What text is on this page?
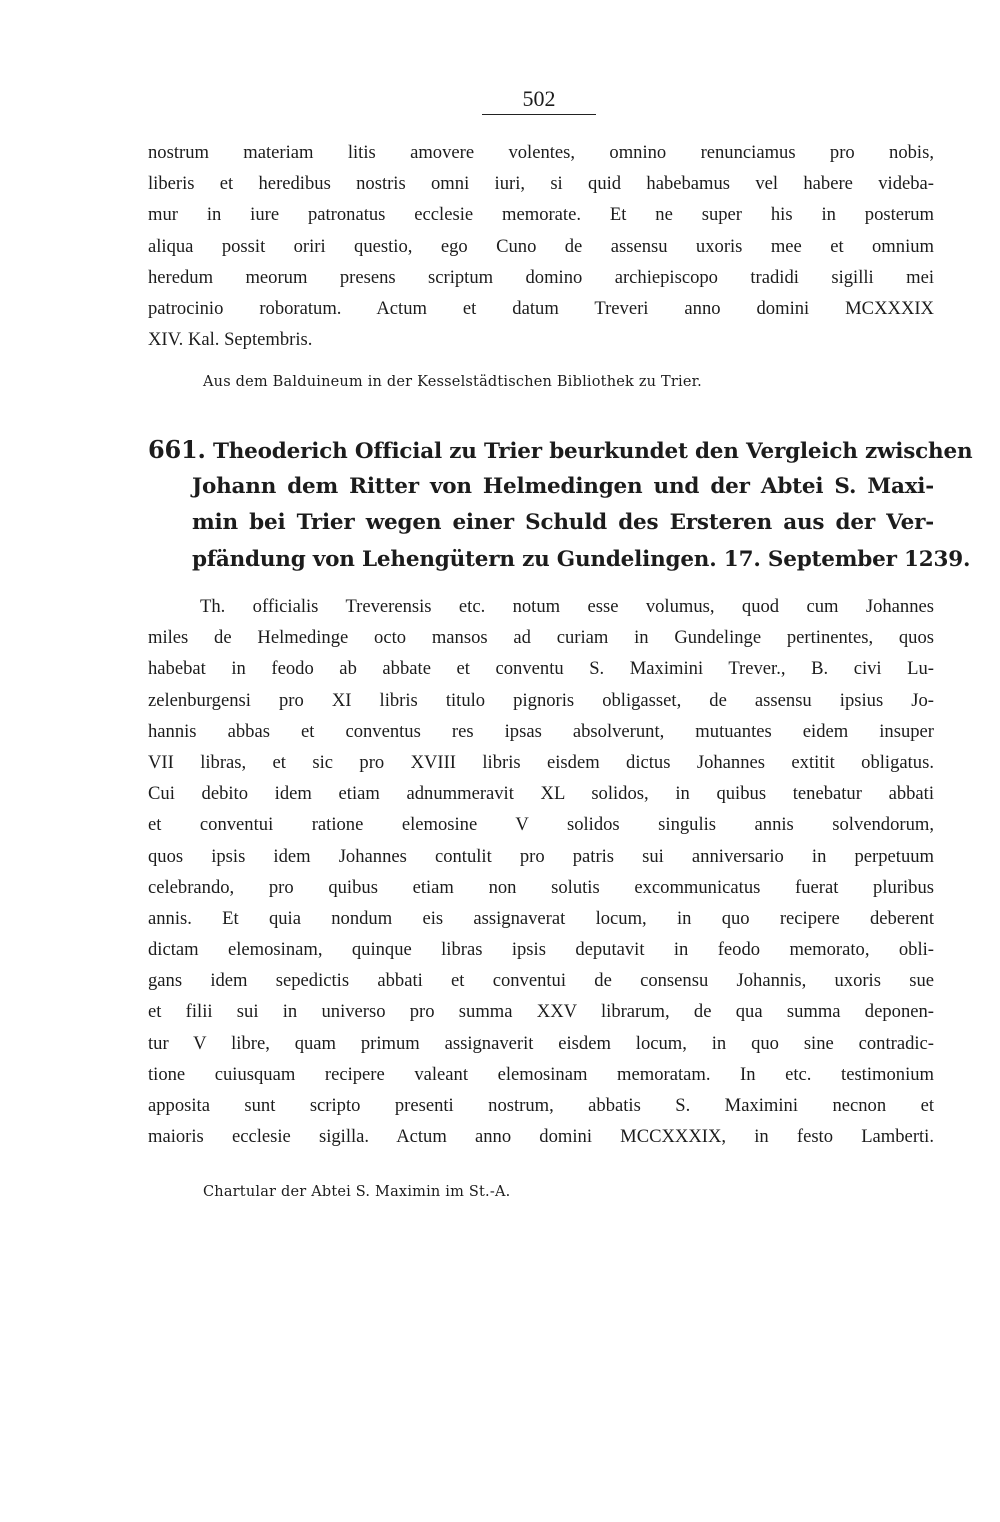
502
nostrum materiam litis amovere volentes, omnino renunciamus pro nobis,
liberis et heredibus nostris omni iuri, si quid habebamus vel habere videba-
mur in iure patronatus ecclesie memorate. Et ne super his in posterum
aliqua possit oriri questio, ego Cuno de assensu uxoris mee et omnium
heredum meorum presens scriptum domino archiepiscopo tradidi sigilli mei
patrocinio roboratum. Actum et datum Treveri anno domini MCXXXIX
XIV. Kal. Septembris.
Aus dem Balduineum in der Kesselstädtischen Bibliothek zu Trier.
661. Theoderich Official zu Trier beurkundet den Vergleich zwischen
Johann dem Ritter von Helmedingen und der Abtei S. Maxi-
min bei Trier wegen einer Schuld des Ersteren aus der Ver-
pfändung von Lehengütern zu Gundelingen. 17. September 1239.
Th. officialis Treverensis etc. notum esse volumus, quod cum Johannes
miles de Helmedinge octo mansos ad curiam in Gundelinge pertinentes, quos
habebat in feodo ab abbate et conventu S. Maximini Trever., B. civi Lu-
zelenburgensi pro XI libris titulo pignoris obligasset, de assensu ipsius Jo-
hannis abbas et conventus res ipsas absolverunt, mutuantes eidem insuper
VII libras, et sic pro XVIII libris eisdem dictus Johannes extitit obligatus.
Cui debito idem etiam adnummeravit XL solidos, in quibus tenebatur abbati
et conventui ratione elemosine V solidos singulis annis solvendorum,
quos ipsis idem Johannes contulit pro patris sui anniversario in perpetuum
celebrando, pro quibus etiam non solutis excommunicatus fuerat pluribus
annis. Et quia nondum eis assignaverat locum, in quo recipere deberent
dictam elemosinam, quinque libras ipsis deputavit in feodo memorato, obli-
gans idem sepedictis abbati et conventui de consensu Johannis, uxoris sue
et filii sui in universo pro summa XXV librarum, de qua summa deponen-
tur V libre, quam primum assignaverit eisdem locum, in quo sine contradic-
tione cuiusquam recipere valeant elemosinam memoratam. In etc. testimonium
apposita sunt scripto presenti nostrum, abbatis S. Maximini necnon et
maioris ecclesie sigilla. Actum anno domini MCCXXXIX, in festo Lamberti.
Chartular der Abtei S. Maximin im St.-A.
